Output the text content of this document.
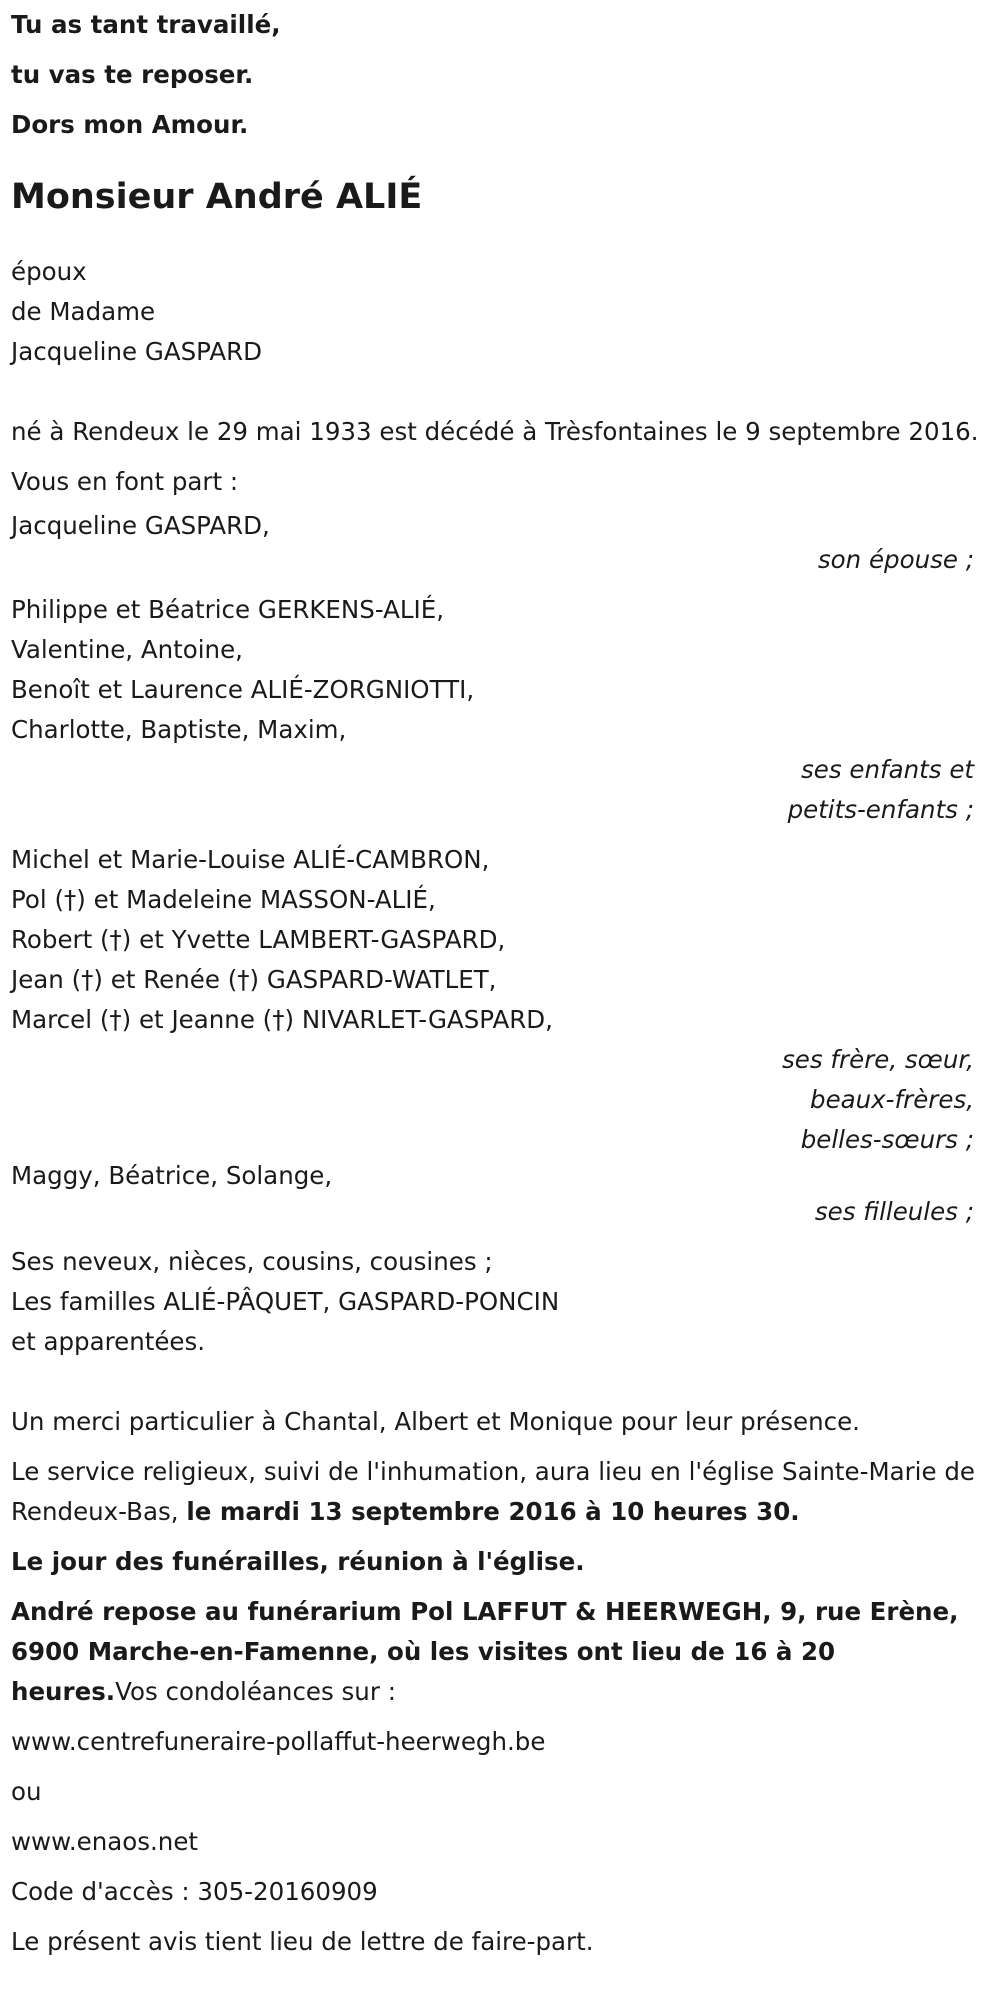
Tu as tant travaillé,
tu vas te reposer.
Dors mon Amour.
Monsieur André ALIÉ
époux
de Madame
Jacqueline GASPARD
né à Rendeux le 29 mai 1933 est décédé à Trèsfontaines le 9 septembre 2016.
Vous en font part :
Jacqueline GASPARD,
son épouse ;
Philippe et Béatrice GERKENS-ALIÉ,
Valentine, Antoine,
Benoît et Laurence ALIÉ-ZORGNIOTTI,
Charlotte, Baptiste, Maxim,
ses enfants et
petits-enfants ;
Michel et Marie-Louise ALIÉ-CAMBRON,
Pol (†) et Madeleine MASSON-ALIÉ,
Robert (†) et Yvette LAMBERT-GASPARD,
Jean (†) et Renée (†) GASPARD-WATLET,
Marcel (†) et Jeanne (†) NIVARLET-GASPARD,
ses frère, sœur,
beaux-frères,
belles-sœurs ;
Maggy, Béatrice, Solange,
ses filleules ;
Ses neveux, nièces, cousins, cousines ;
Les familles ALIÉ-PÂQUET, GASPARD-PONCIN
et apparentées.
Un merci particulier à Chantal, Albert et Monique pour leur présence.
Le service religieux, suivi de l'inhumation, aura lieu en l'église Sainte-Marie de Rendeux-Bas, le mardi 13 septembre 2016 à 10 heures 30.
Le jour des funérailles, réunion à l'église.
André repose au funérarium Pol LAFFUT & HEERWEGH, 9, rue Erène, 6900 Marche-en-Famenne, où les visites ont lieu de 16 à 20 heures.Vos condoléances sur :
www.centrefuneraire-pollaffut-heerwegh.be
ou
www.enaos.net
Code d'accès : 305-20160909
Le présent avis tient lieu de lettre de faire-part.
